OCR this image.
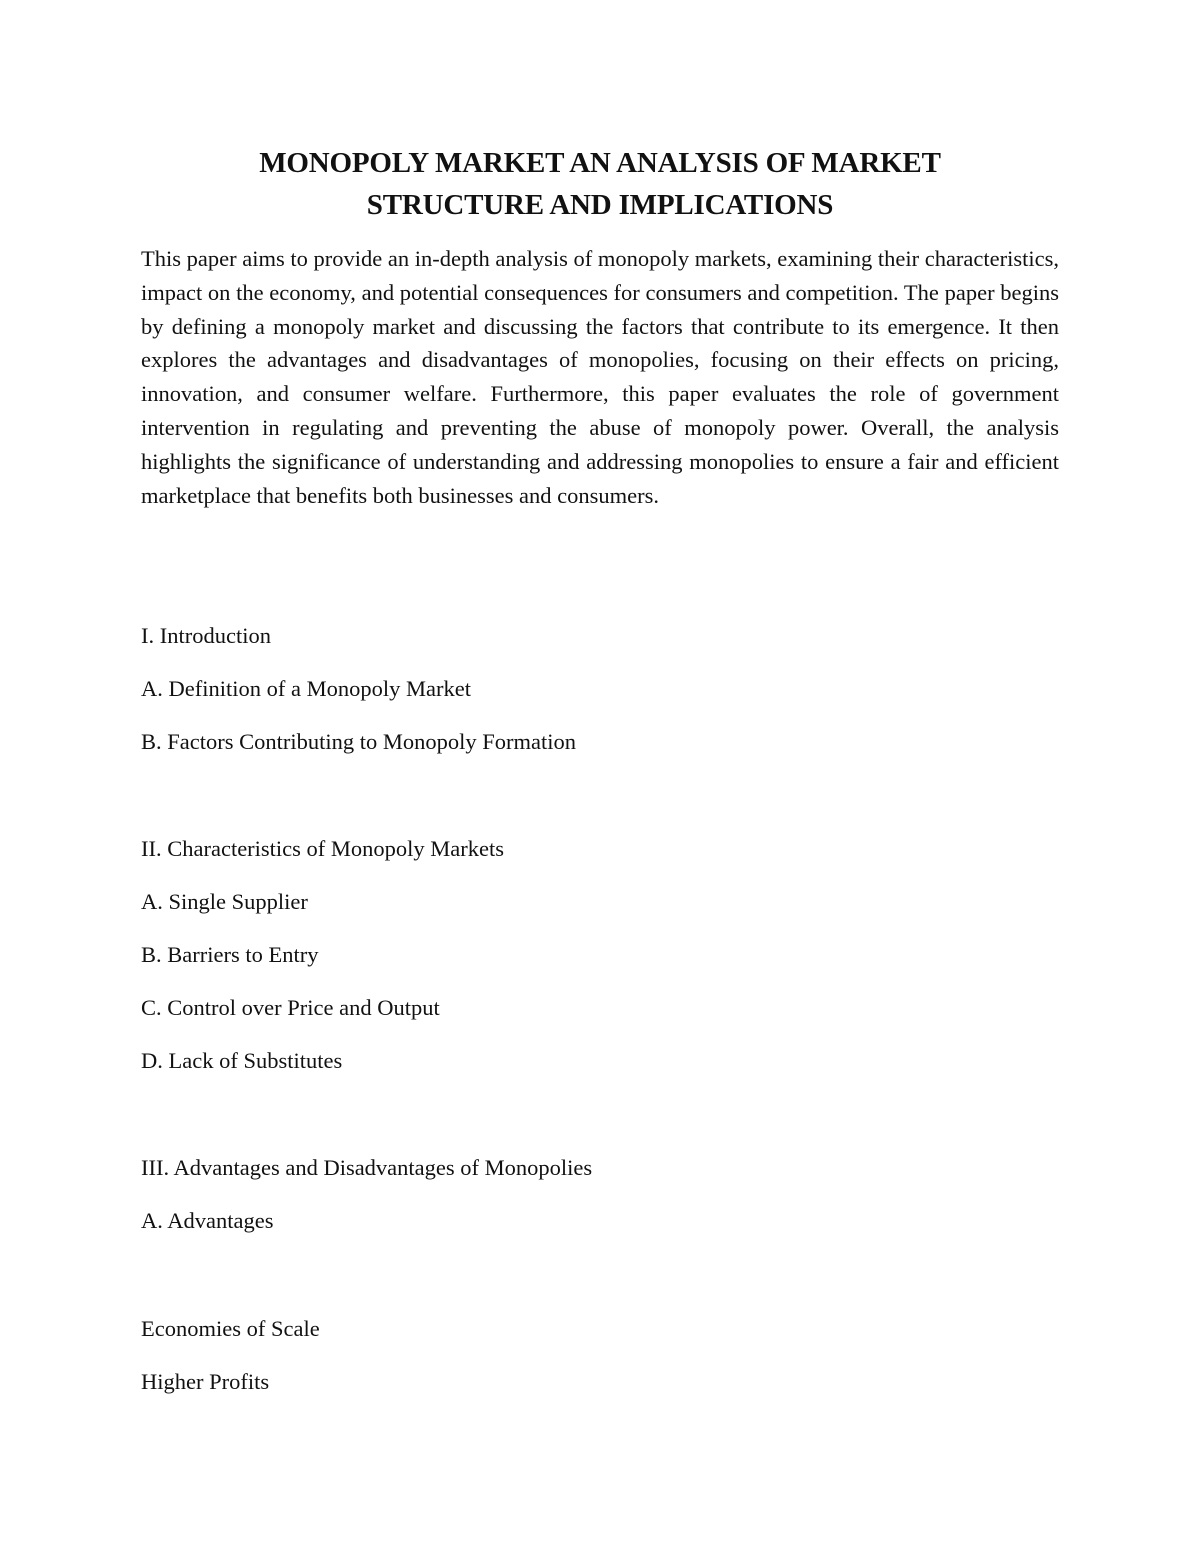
MONOPOLY MARKET AN ANALYSIS OF MARKET
STRUCTURE AND IMPLICATIONS

This paper aims to provide an in-depth analysis of monopoly markets, examining their characteristics, impact on the economy, and potential consequences for consumers and competition. The paper begins by defining a monopoly market and discussing the factors that contribute to its emergence. It then explores the advantages and disadvantages of monopolies, focusing on their effects on pricing, innovation, and consumer welfare. Furthermore, this paper evaluates the role of government intervention in regulating and preventing the abuse of monopoly power. Overall, the analysis highlights the significance of understanding and addressing monopolies to ensure a fair and efficient marketplace that benefits both businesses and consumers.

I. Introduction

A. Definition of a Monopoly Market

B. Factors Contributing to Monopoly Formation

II. Characteristics of Monopoly Markets

A. Single Supplier

B. Barriers to Entry

C. Control over Price and Output

D. Lack of Substitutes

III. Advantages and Disadvantages of Monopolies

A. Advantages

Economies of Scale

Higher Profits
